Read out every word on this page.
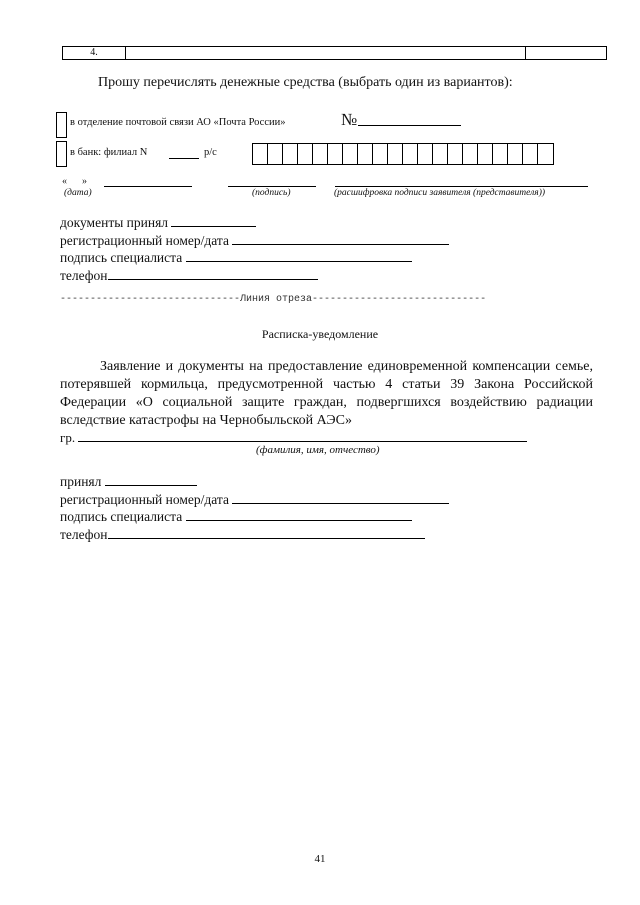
4.
Прошу перечислять денежные средства (выбрать один из вариантов):
в отделение почтовой связи АО «Почта России»	№
в банк: филиал N	р/с
«      »
(дата)	(подпись)	(расшифровка подписи заявителя (представителя))
документы принял
регистрационный номер/дата
подпись специалиста
телефон
------------------------------Линия отреза-----------------------------
Расписка-уведомление
Заявление и документы на предоставление единовременной компенсации семье, потерявшей кормильца, предусмотренной частью 4 статьи 39 Закона Российской Федерации «О социальной защите граждан, подвергшихся воздействию радиации вследствие катастрофы на Чернобыльской АЭС»
гр.
(фамилия, имя, отчество)
принял
регистрационный номер/дата
подпись специалиста
телефон
41
